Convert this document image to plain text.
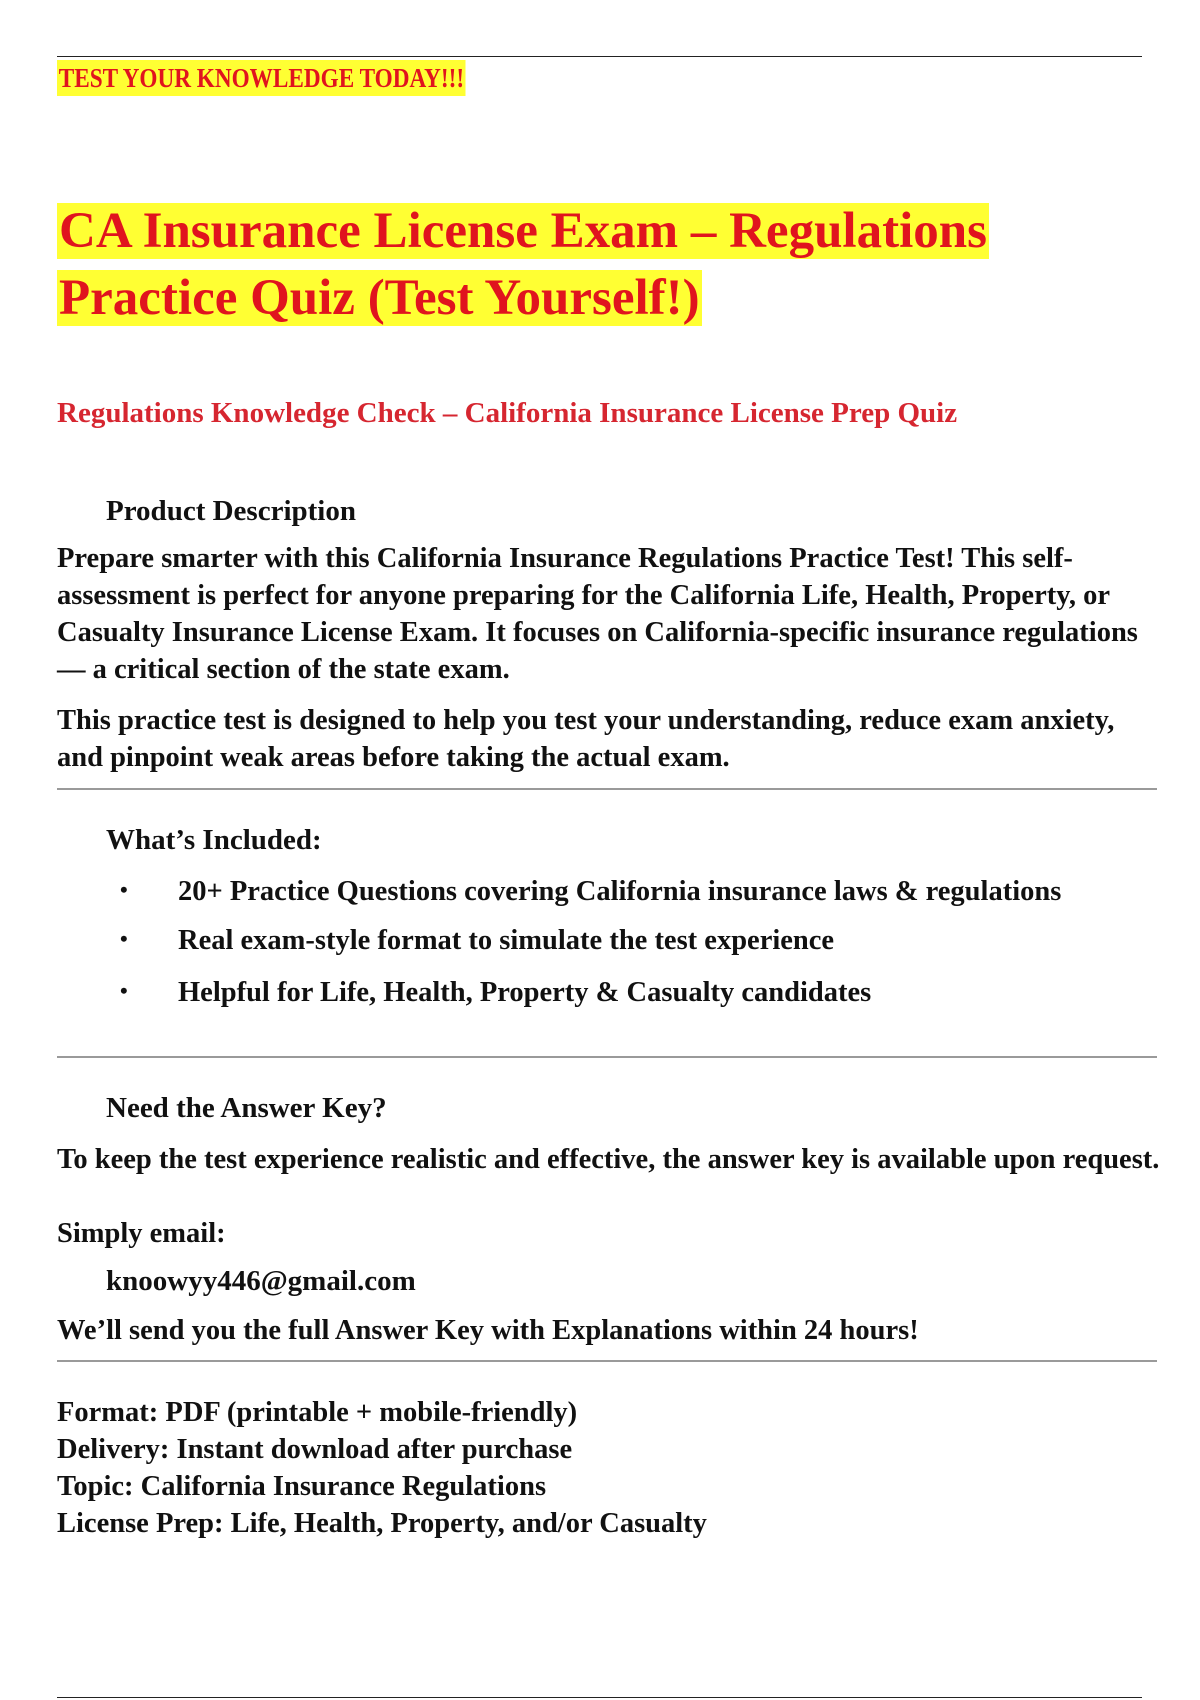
TEST YOUR KNOWLEDGE TODAY!!!
CA Insurance License Exam – Regulations
Practice Quiz (Test Yourself!)
Regulations Knowledge Check – California Insurance License Prep Quiz
Product Description
Prepare smarter with this California Insurance Regulations Practice Test! This self-assessment is perfect for anyone preparing for the California Life, Health, Property, or Casualty Insurance License Exam. It focuses on California-specific insurance regulations — a critical section of the state exam.
This practice test is designed to help you test your understanding, reduce exam anxiety, and pinpoint weak areas before taking the actual exam.
What’s Included:
• 20+ Practice Questions covering California insurance laws & regulations
• Real exam-style format to simulate the test experience
• Helpful for Life, Health, Property & Casualty candidates
Need the Answer Key?
To keep the test experience realistic and effective, the answer key is available upon request.
Simply email:
knoowyy446@gmail.com
We’ll send you the full Answer Key with Explanations within 24 hours!
Format: PDF (printable + mobile-friendly)
Delivery: Instant download after purchase
Topic: California Insurance Regulations
License Prep: Life, Health, Property, and/or Casualty
